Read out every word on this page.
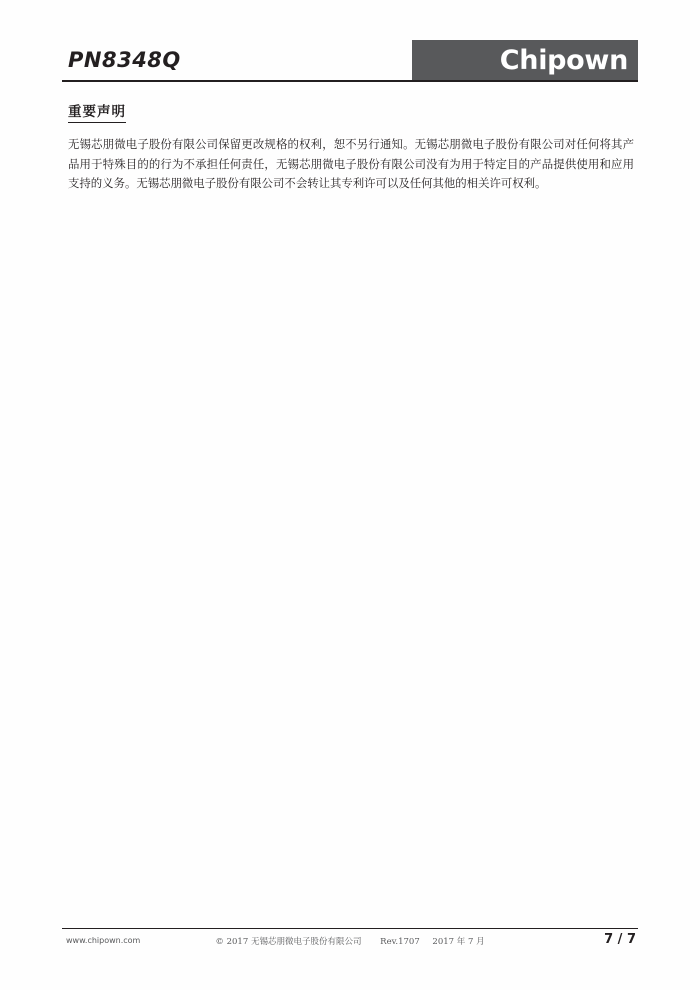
PN8348Q	Chipown
重要声明

无锡芯朋微电子股份有限公司保留更改规格的权利，恕不另行通知。无锡芯朋微电子股份有限公司对任何将其产品用于特殊目的的行为不承担任何责任，无锡芯朋微电子股份有限公司没有为用于特定目的产品提供使用和应用支持的义务。无锡芯朋微电子股份有限公司不会转让其专利许可以及任何其他的相关许可权利。

www.chipown.com	© 2017 无锡芯朋微电子股份有限公司 Rev.1707 2017 年 7 月	7 / 7
